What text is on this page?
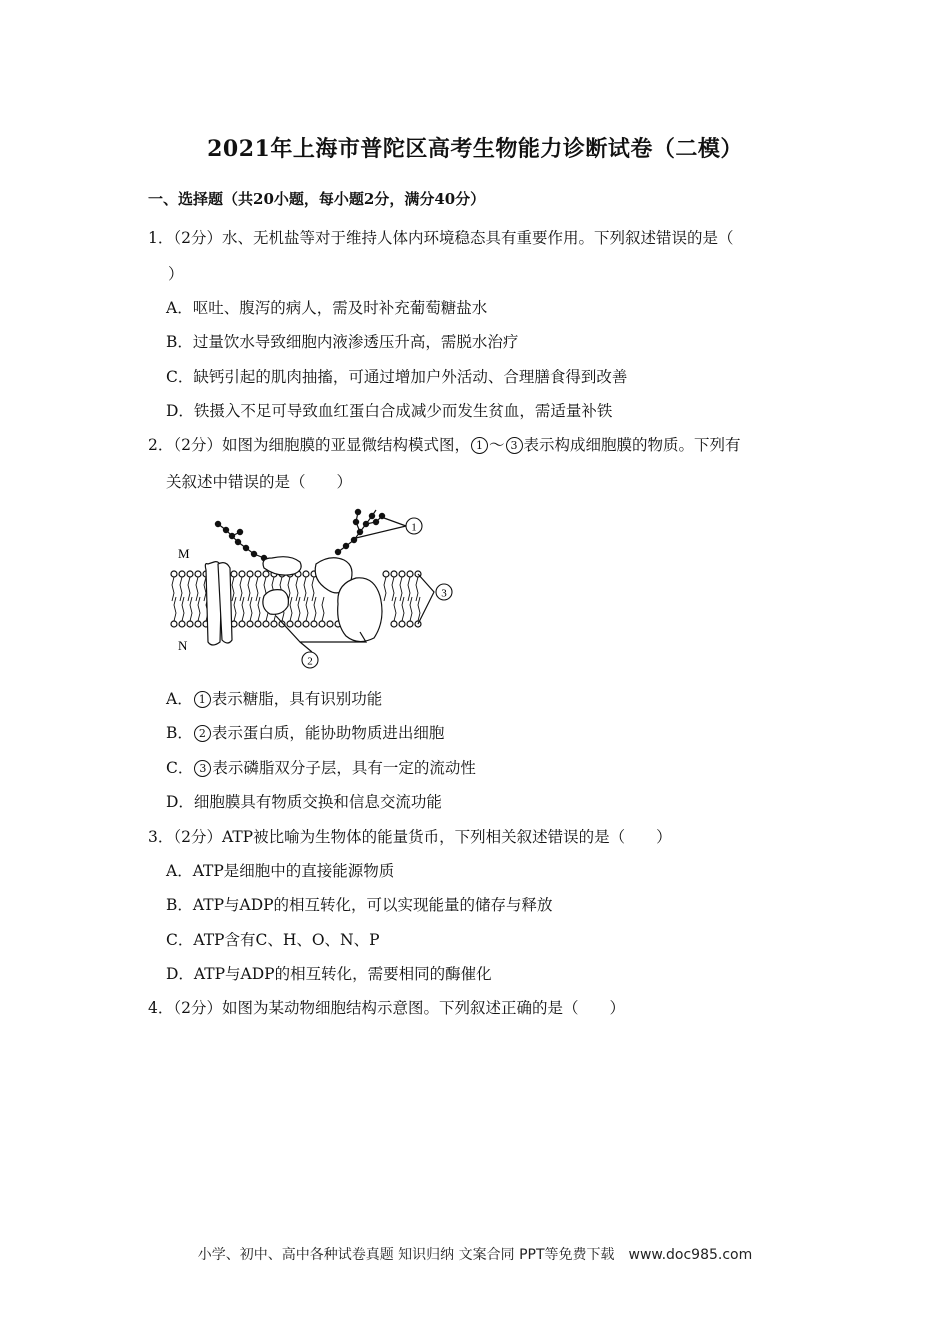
2021年上海市普陀区高考生物能力诊断试卷（二模）
一、选择题（共20小题，每小题2分，满分40分）
1．（2分）水、无机盐等对于维持人体内环境稳态具有重要作用。下列叙述错误的是（
）
A．呕吐、腹泻的病人，需及时补充葡萄糖盐水
B．过量饮水导致细胞内液渗透压升高，需脱水治疗
C．缺钙引起的肌肉抽搐，可通过增加户外活动、合理膳食得到改善
D．铁摄入不足可导致血红蛋白合成减少而发生贫血，需适量补铁
2．（2分）如图为细胞膜的亚显微结构模式图， 1 ～ 3 表示构成细胞膜的物质。下列有
关叙述中错误的是（　　）
M
N
1
2
3
A． 1 表示糖脂，具有识别功能
B． 2 表示蛋白质，能协助物质进出细胞
C． 3 表示磷脂双分子层，具有一定的流动性
D．细胞膜具有物质交换和信息交流功能
3．（2分）ATP被比喻为生物体的能量货币，下列相关叙述错误的是（　　）
A．ATP是细胞中的直接能源物质
B．ATP与ADP的相互转化，可以实现能量的储存与释放
C．ATP含有C、H、O、N、P
D．ATP与ADP的相互转化，需要相同的酶催化
4．（2分）如图为某动物细胞结构示意图。下列叙述正确的是（　　）
小学、初中、高中各种试卷真题 知识归纳 文案合同 PPT等免费下载　www.doc985.com
